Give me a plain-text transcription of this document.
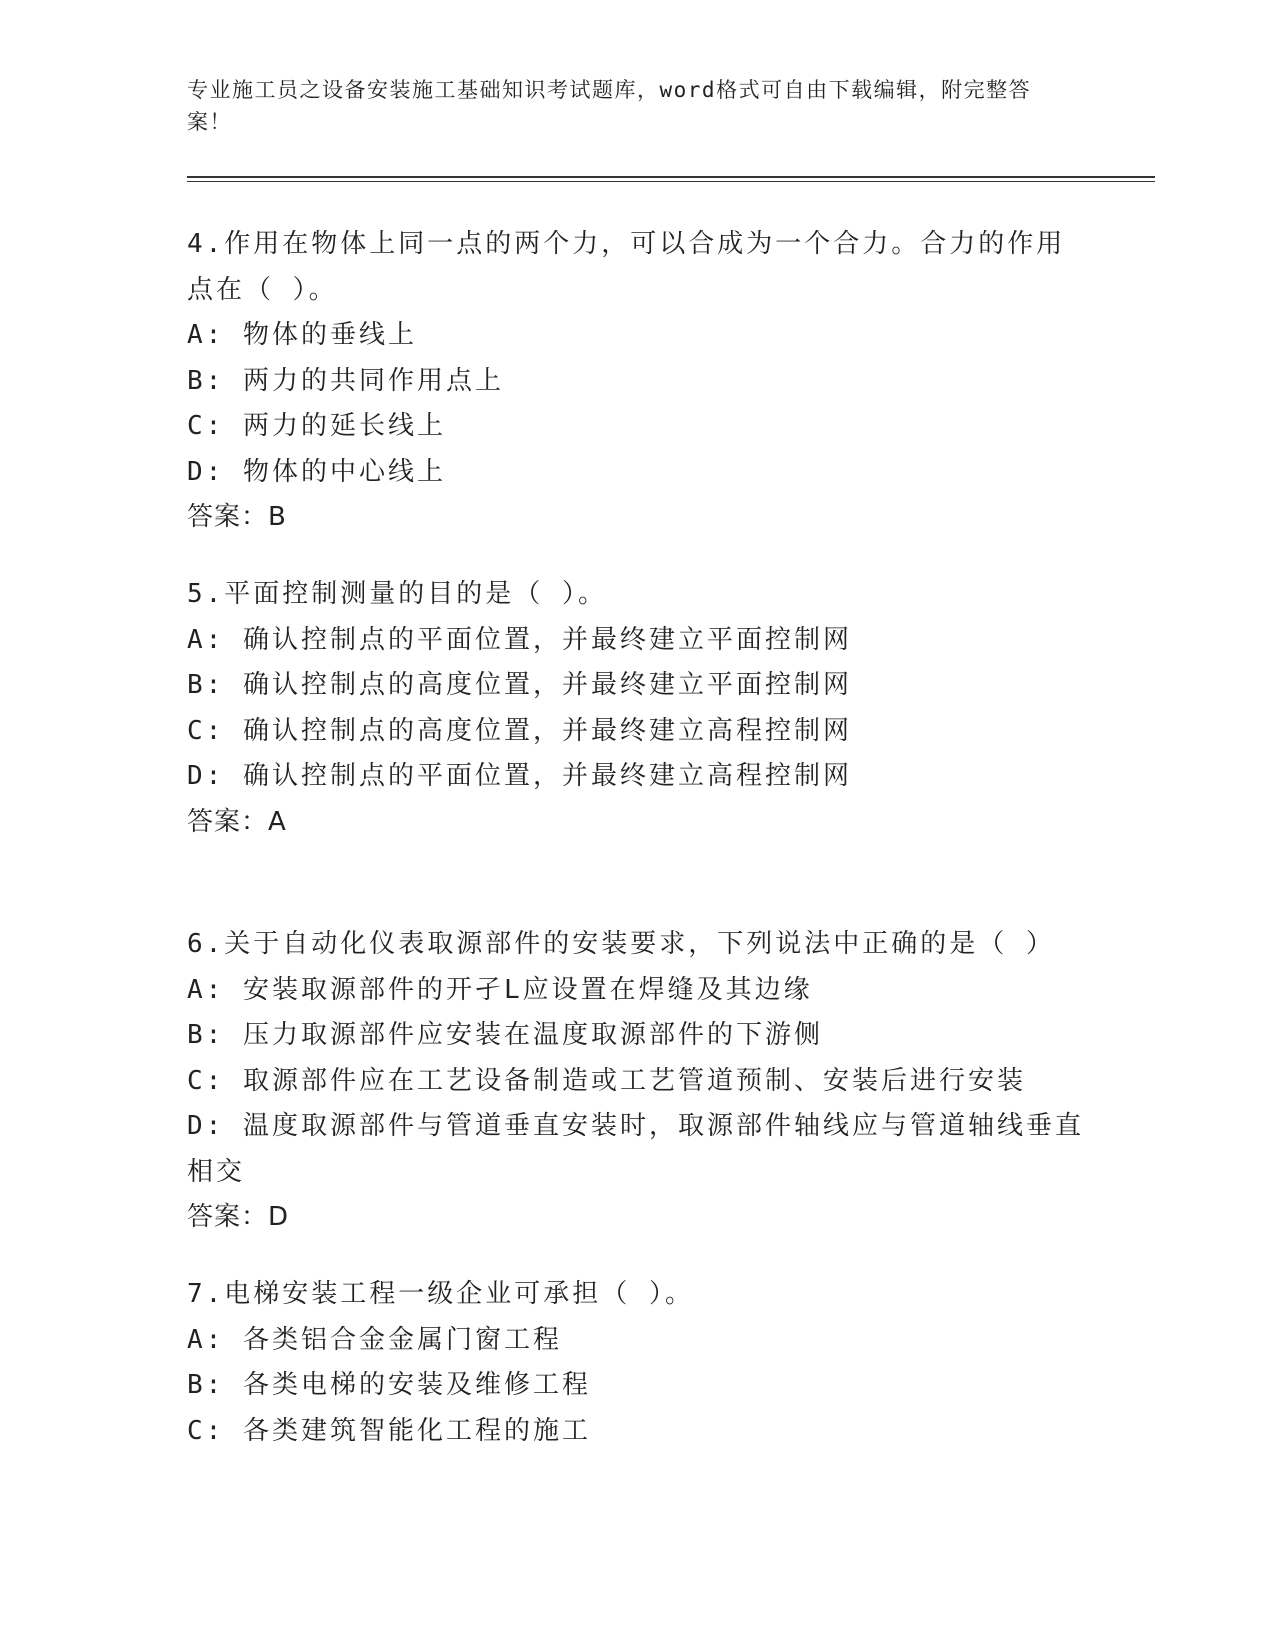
专业施工员之设备安装施工基础知识考试题库，word格式可自由下载编辑，附完整答案！

4.作用在物体上同一点的两个力，可以合成为一个合力。合力的作用点在（ ）。

A: 物体的垂线上

B: 两力的共同作用点上

C: 两力的延长线上

D: 物体的中心线上

答案：B

5.平面控制测量的目的是（ ）。

A: 确认控制点的平面位置，并最终建立平面控制网

B: 确认控制点的高度位置，并最终建立平面控制网

C: 确认控制点的高度位置，并最终建立高程控制网

D: 确认控制点的平面位置，并最终建立高程控制网

答案：A

6.关于自动化仪表取源部件的安装要求，下列说法中正确的是（ ）

A: 安装取源部件的开孑L应设置在焊缝及其边缘

B: 压力取源部件应安装在温度取源部件的下游侧

C: 取源部件应在工艺设备制造或工艺管道预制、安装后进行安装

D: 温度取源部件与管道垂直安装时，取源部件轴线应与管道轴线垂直相交

答案：D

7.电梯安装工程一级企业可承担（ ）。

A: 各类铝合金金属门窗工程

B: 各类电梯的安装及维修工程

C: 各类建筑智能化工程的施工
